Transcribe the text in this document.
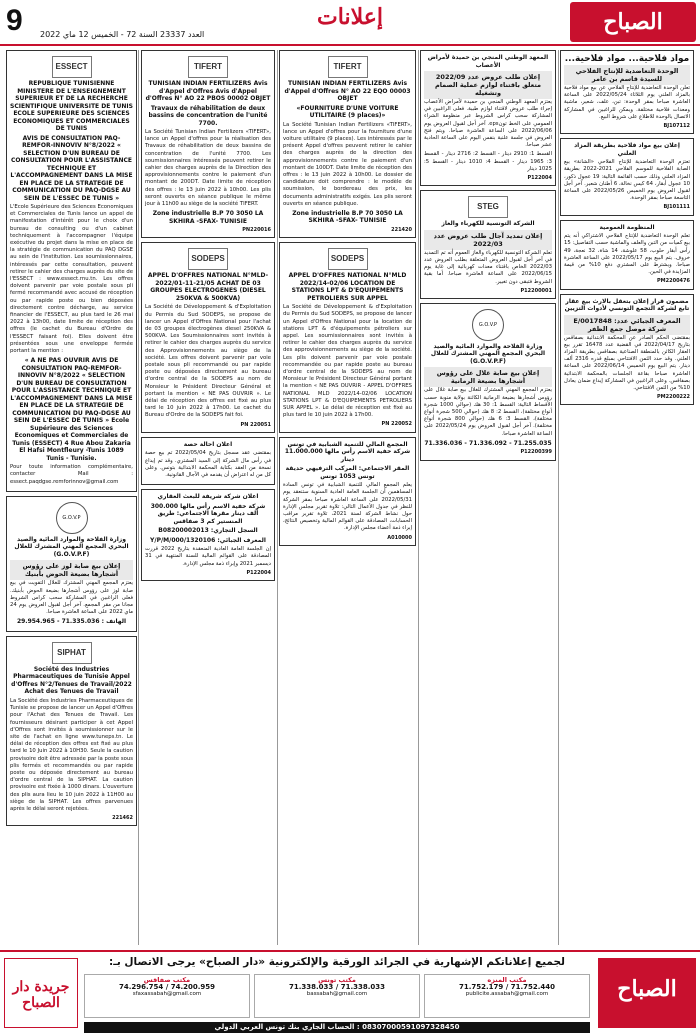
9 العدد 23337 السنة 72 - الخميس 12 ماي 2022
إعلانات	الصباح
ESSECT
REPUBLIQUE TUNISIENNE MINISTERE DE L'ENSEIGNEMENT SUPERIEUR ET DE LA RECHERCHE SCIENTIFIQUE UNIVERSITE DE TUNIS ECOLE SUPERIEURE DES SCIENCES ECONOMIQUES ET COMMERCIALES DE TUNIS
AVIS DE CONSULTATION PAQ-REMFOR-INNOVIV N°8/2022 « SELECTION D'UN BUREAU DE CONSULTATION POUR L'ASSISTANCE TECHNIQUE ET L'ACCOMPAGNEMENT DANS LA MISE EN PLACE DE LA STRATEGIE DE COMMUNICATION DU PAQ-DGSE AU SEIN DE L'ESSEC DE TUNIS »
L'Ecole Supérieure des Sciences Economiques et Commerciales de Tunis lance un appel de manifestation d'intérêt pour le choix d'un bureau de consulting ou d'un cabinet techniquement à l'accompagner l'équipe exécutive du projet dans la mise en place de la stratégie de communication du PAQ DGSE au sein de l'institution. Les soumissionnaires, intéressés par cette consultation, peuvent retirer le cahier des charges auprès du site de l'ESSECT : www.essect.rnu.tn. Les offres doivent parvenir par voie postale sous pli fermé recommandé avec accusé de réception ou par rapide poste ou bien déposées directement contre décharge, au service financier de l'ESSECT, au plus tard le 26 mai 2022 à 13h00, date limite de réception des offres (le cachet du Bureau d'Ordre de l'ESSECT faisant foi). Elles doivent être présentées sous une enveloppe fermée portant la mention :
« A NE PAS OUVRIR AVIS DE CONSULTATION PAQ-REMFOR-INNOVIV N°8/2022 « SELECTION D'UN BUREAU DE CONSULTATION POUR L'ASSISTANCE TECHNIQUE ET L'ACCOMPAGNEMENT DANS LA MISE EN PLACE DE LA STRATEGIE DE COMMUNICATION DU PAQ-DGSE AU SEIN DE L'ESSEC DE TUNIS » Ecole Supérieure des Sciences Economiques et Commerciales de Tunis (ESSECT) 4 Rue Abou Zakaria El Hafsi Montfleury -Tunis 1089 Tunis - Tunisie.
Pour toute information complémentaire, contacter Mail : essect.paqdgse.remforinnov@gmail.com
G.O.V.P
وزارة الفلاحة والموارد المائية والصيد البحري المجمع المهني المشترك للغلال (G.O.V.P.F)
إعلان بيع صابة لوز على رؤوس أشجارها بضيعة الحوض بأبنيك
يعتزم المجمع المهني المشترك للغلال التفويت في بيع صابة لوز على رؤوس أشجارها بضيعة الحوض بأبنيك. فعلى الراغبين في المشاركة سحب كراس الشروط مجانا من مقر المجمع. آخر أجل لقبول العروض يوم 24 ماي 2022 على الساعة العاشرة صباحا.
الهاتف : 71.335.036 - 29.954.965
SIPHAT
Société des Industries Pharmaceutiques de Tunisie Appel d'Offres N°2/Tenues de Travail/2022 Achat des Tenues de Travail
La Société des Industries Pharmaceutiques de Tunisie se propose de lancer un Appel d'Offres pour l'Achat des Tenues de Travail. Les fournisseurs désirant participer à cet Appel d'Offres sont invités à soumissionner sur le site de l'achat en ligne www.tuneps.tn. Le délai de réception des offres est fixé au plus tard le 10 Juin 2022 à 10H30. Seule la caution provisoire doit être adressée par la poste sous plis fermés et recommandés ou par rapide poste ou déposée directement au bureau d'ordre central de la SIPHAT. La caution provisoire est fixée à 1000 dinars. L'ouverture des plis aura lieu le 10 juin 2022 à 11H00 au siège de la SIPHAT. Les offres parvenues après le délai seront rejetées.
221462
TIFERT
TUNISIAN INDIAN FERTILIZERS Avis d'Appel d'Offres Avis d'Appel d'Offres N° AO 22 PBOS 00002 OBJET
Travaux de réhabilitation de deux bassins de concentration de l'unité 7700.
La Société Tunisian Indian Fertilizers «TIFERT», lance un Appel d'offres pour la réalisation des Travaux de réhabilitation de deux bassins de concentration de l'unité 7700. Les soumissionnaires intéressés peuvent retirer le cahier des charges auprès de la Direction des approvisionnements contre le paiement d'un montant de 200DT. Date limite de réception des offres : le 13 juin 2022 à 10h00. Les plis seront ouverts en séance publique le même jour à 11h00 au siège de la société TIFERT.
Zone industrielle B.P 70 3050 LA SKHIRA -SFAX- TUNISIE
PN220016
SODEPS
APPEL D'OFFRES NATIONAL N°MLD-2022/01-11-21/05 ACHAT DE 03 GROUPES ELECTROGENES (DIESEL 250KVA & 500KVA)
La Société de Développement & d'Exploitation du Permis du Sud SODEPS, se propose de lancer un Appel d'Offres National pour l'achat de 03 groupes électrogènes diesel 250KVA & 500KVA. Les Soumissionnaires sont invités à retirer le cahier des charges auprès du service des Approvisionnements au siège de la société. Les offres doivent parvenir par voie postale sous pli recommandé ou par rapide poste ou déposées directement au bureau d'ordre central de la SODEPS au nom de Monsieur le Président Directeur Général et portant la mention « NE PAS OUVRIR ». Le délai de réception des offres est fixé au plus tard le 10 juin 2022 à 17h00. Le cachet du Bureau d'Ordre de la SODEPS fait foi.
PN 220051
اعلان احالة حصة
بمقتضى عقد مسجل بتاريخ 2022/05/04 تم بيع حصة في رأس مال الشركة إلى السيد المشتري. وقد تم إيداع نسخة من العقد بكتابة المحكمة الابتدائية بتونس. وعلى كل من له اعتراض أن يقدمه في الآجال القانونية.
اعلان شركة شريفة للبعث العقاري
شركة خفية الاسم رأس مالها 300.000 ألف دينار مقرها الاجتماعي: طريق المنستير كم 3 صفاقس
السجل التجاري: B08200002013
المعرف الجبائي: 1320106/Y/P/M/000
إن الجلسة العامة العادية المنعقدة بتاريخ 2022 قررت المصادقة على القوائم المالية للسنة المنتهية في 31 ديسمبر 2021 وإبراء ذمة مجلس الإدارة.
P122004
TIFERT
TUNISIAN INDIAN FERTILIZERS Avis d'Appel d'Offres N° AO 22 EQO 00003 OBJET
«FOURNITURE D'UNE VOITURE UTILITAIRE (9 places)»
La Société Tunisian Indian Fertilizers «TIFERT», lance un Appel d'offres pour la fourniture d'une voiture utilitaire (9 places). Les intéressés par le présent Appel d'offres peuvent retirer le cahier des charges auprès de la direction des approvisionnements contre le paiement d'un montant de 100DT. Date limite de réception des offres : le 13 juin 2022 à 10h00. Le dossier de candidature doit comprendre : le modèle de soumission, le bordereau des prix, les documents administratifs exigés. Les plis seront ouverts en séance publique.
Zone industrielle B.P 70 3050 LA SKHIRA -SFAX- TUNISIE
221420
SODEPS
APPEL D'OFFRES NATIONAL N°MLD 2022/14-02/06 LOCATION DE STATIONS LPT & D'EQUIPEMENTS PETROLIERS SUR APPEL
La Société de Développement & d'Exploitation du Permis du Sud SODEPS, se propose de lancer un Appel d'Offres National pour la location de stations LPT & d'équipements pétroliers sur appel. Les soumissionnaires sont invités à retirer le cahier des charges auprès du service des approvisionnements au siège de la société. Les plis doivent parvenir par voie postale recommandée ou par rapide poste au bureau d'ordre central de la SODEPS au nom de Monsieur le Président Directeur Général portant la mention « NE PAS OUVRIR - APPEL D'OFFRES NATIONAL MLD 2022/14-02/06 LOCATION STATIONS LPT & D'EQUIPEMENTS PETROLIERS SUR APPEL ». Le délai de réception est fixé au plus tard le 10 juin 2022 à 17h00.
PN 220052
المجمع المالي للتنمية الشبابية في تونس شركة خفية الاسم رأس مالها 11.000.000 دينار
المقر الاجتماعي: المركب الترفيهي حديقة تونس 1053 تونس
يعلم المجمع المالي للتنمية الشبابية في تونس السادة المساهمين أن الجلسة العامة العادية السنوية ستنعقد يوم 2022/05/31 على الساعة العاشرة صباحا بمقر الشركة للنظر في جدول الأعمال التالي: تلاوة تقرير مجلس الإدارة حول نشاط الشركة لسنة 2021، تلاوة تقرير مراقب الحسابات، المصادقة على القوائم المالية وتخصيص النتائج، إبراء ذمة أعضاء مجلس الإدارة.
A010000
المعهد الوطني المنجي بن حميدة لأمراض الأعصاب
إعلان طلب عروض عدد 2022/09 متعلق باقتناء لوازم عملية الصمام وتشغيله
يعتزم المعهد الوطني المنجي بن حميدة لأمراض الأعصاب إجراء طلب عروض لاقتناء لوازم طبية. فعلى الراغبين في المشاركة سحب كراس الشروط عبر منظومة الشراء العمومي على الخط تونeps. آخر أجل لقبول العروض يوم 2022/06/06 على الساعة العاشرة صباحا. ويتم فتح العروض في جلسة علنية بنفس اليوم على الساعة الحادية عشر صباحا.
القسط 1: 2910 دينار - القسط 2: 2716 دينار - القسط 3: 1965 دينار - القسط 4: 1010 دينار - القسط 5: 1025 دينار
P122004
STEG
الشركة التونسية للكهرباء والغاز
إعلان تمديد آجال طلب عروض عدد 2022/03
تعلم الشركة التونسية للكهرباء والغاز العموم أنه تم التمديد في آخر أجل لقبول العروض المتعلقة بطلب العروض عدد 2022/03 الخاص باقتناء معدات كهربائية إلى غاية يوم 2022/06/15 على الساعة العاشرة صباحا. أما بقية الشروط فتبقى دون تغيير.
P12200001
G.O.V.P
وزارة الفلاحة والموارد المائية والصيد البحري المجمع المهني المشترك للغلال (G.O.V.P.F)
إعلان بيع صابة غلال على رؤوس أشجارها بضيعة الرمانية
يعتزم المجمع المهني المشترك للغلال بيع صابة غلال على رؤوس أشجارها بضيعة الرمانية الكائنة بولاية منوبة حسب الأقساط التالية: القسط 1: 30 هك (حوالي 1000 شجرة أنواع مختلفة)، القسط 2: 8 هك (حوالي 500 شجرة أنواع مختلفة)، القسط 3: 6 هك (حوالي 800 شجرة أنواع مختلفة). آخر أجل لقبول العروض يوم 2022/05/24 على الساعة العاشرة صباحا.
71.255.035 - 71.336.092 - 71.336.036
P12200399
مواد فلاحية... مواد فلاحية...
الوحدة التعاضدية للإنتاج الفلاحي للسيدة قاسم بن عامر
تعلن الوحدة التعاضدية للإنتاج الفلاحي عن بيع مواد فلاحية بالمزاد العلني يوم الثلاثاء 2022/05/24 على الساعة العاشرة صباحا بمقر الوحدة: تبن، علف، شعير، ماشية ومعدات فلاحية مختلفة. ويمكن للراغبين في المشاركة الاتصال بالوحدة للاطلاع على شروط البيع.
BJ107112
إعلان بيع مواد فلاحية بطريقة المزاد العلني
تعتزم الوحدة التعاضدية للإنتاج الفلاحي «الشانة» بيع الصابة الفلاحية للموسم الفلاحي 2021-2022 بطريقة المزاد العلني وذلك حسب القائمة التالية: 19 عجول ذكور، 10 عجول أبقار، 64 كيس نخالة، 6 أطنان شعير. آخر أجل لقبول العروض يوم الخميس 2022/05/26 على الساعة التاسعة صباحا بمقر الوحدة.
BJ101111
المنظومة العمومية
تعلم الوحدة التعاضدية للإنتاج الفلاحي الاشتراكي أنه يتم بيع كميات من التبن والعلف والماشية حسب التفاصيل: 15 رأس أبقار حلوب، 58 علوشة، 14 شاة، 32 نعجة، 49 خروف. يتم البيع يوم 2022/05/17 على الساعة العاشرة صباحا. ويشترط على المشتري دفع 10% من قيمة المزايدة في الحين.
PM2200476
مضمون قرار إعلان بتعقل بالارث بيع عقار تابع لشركة التجمع التونسي لأدوات التزيين
المعرف الجبائي عدد: 0017848/E شركة موصل جمع الظفر
بمقتضى الحكم الصادر عن المحكمة الابتدائية بصفاقس بتاريخ 2022/04/17 في القضية عدد 16478 تقرر بيع العقار الكائن بالمنطقة الصناعية بصفاقس بطريقة المزاد العلني. وقد حدد الثمن الافتتاحي بمبلغ قدره 2316 ألف دينار. يتم البيع يوم الخميس 2022/06/14 على الساعة العاشرة صباحا بقاعة الجلسات بالمحكمة الابتدائية بصفاقس. وعلى الراغبين في المشاركة إيداع ضمان يعادل 10% من الثمن الافتتاحي.
PM2200222
جريدة دار الصباح
لجميع إعلاناتكم الإشهارية في الجرائد الورقية والإلكترونية «دار الصباح» يرجى الاتصال بـ:
مكتب المنزه
71.752.179 / 71.752.440
publicite.assabah@gmail.com
مكتب تونس
71.338.033 / 71.338.033
bassabah@gmail.com
مكتب صفاقس
74.296.754 / 74.200.959
sfaxassabah@gmail.com
08307000591097328450 : الحساب الجاري بنك تونس العربي الدولي
الصباح
